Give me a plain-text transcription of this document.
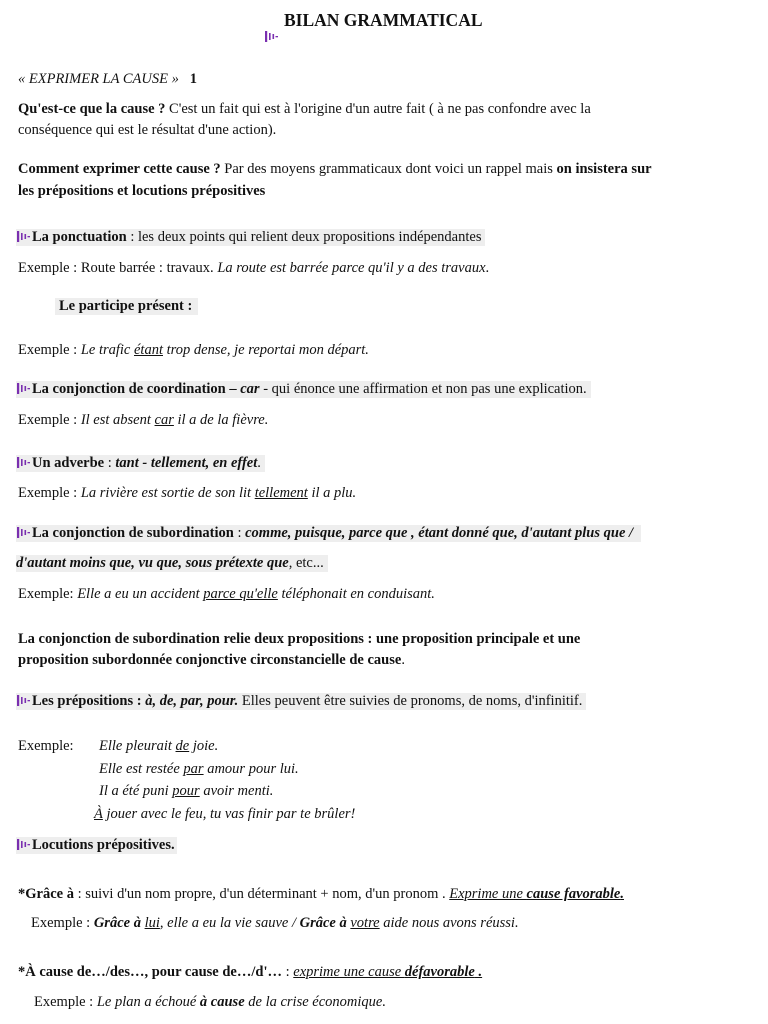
BILAN GRAMMATICAL
« EXPRIMER LA CAUSE » 1
Qu'est-ce que la cause ? C'est un fait qui est à l'origine d'un autre fait ( à ne pas confondre avec la
conséquence qui est le résultat d'une action).
Comment exprimer cette cause ? Par des moyens grammaticaux dont voici un rappel mais on insistera sur
les prépositions et locutions prépositives
La ponctuation : les deux points qui relient deux propositions indépendantes
Exemple : Route barrée : travaux. La route est barrée parce qu'il y a des travaux.
Le participe présent :
Exemple : Le trafic étant trop dense, je reportai mon départ.
La conjonction de coordination – car - qui énonce une affirmation et non pas une explication.
Exemple : Il est absent car il a de la fièvre.
Un adverbe : tant - tellement, en effet.
Exemple : La rivière est sortie de son lit tellement il a plu.
La conjonction de subordination : comme, puisque, parce que , étant donné que, d'autant plus que /
d'autant moins que, vu que, sous prétexte que, etc...
Exemple: Elle a eu un accident parce qu'elle téléphonait en conduisant.
La conjonction de subordination relie deux propositions : une proposition principale et une
proposition subordonnée conjonctive circonstancielle de cause.
Les prépositions : à, de, par, pour. Elles peuvent être suivies de pronoms, de noms, d'infinitif.
Exemple: Elle pleurait de joie.
Elle est restée par amour pour lui.
Il a été puni pour avoir menti.
À jouer avec le feu, tu vas finir par te brûler!
Locutions prépositives.
*Grâce à : suivi d'un nom propre, d'un déterminant + nom, d'un pronom . Exprime une cause favorable.
Exemple : Grâce à lui, elle a eu la vie sauve / Grâce à votre aide nous avons réussi.
*À cause de…/des…, pour cause de…/d'… : exprime une cause défavorable .
Exemple : Le plan a échoué à cause de la crise économique.
